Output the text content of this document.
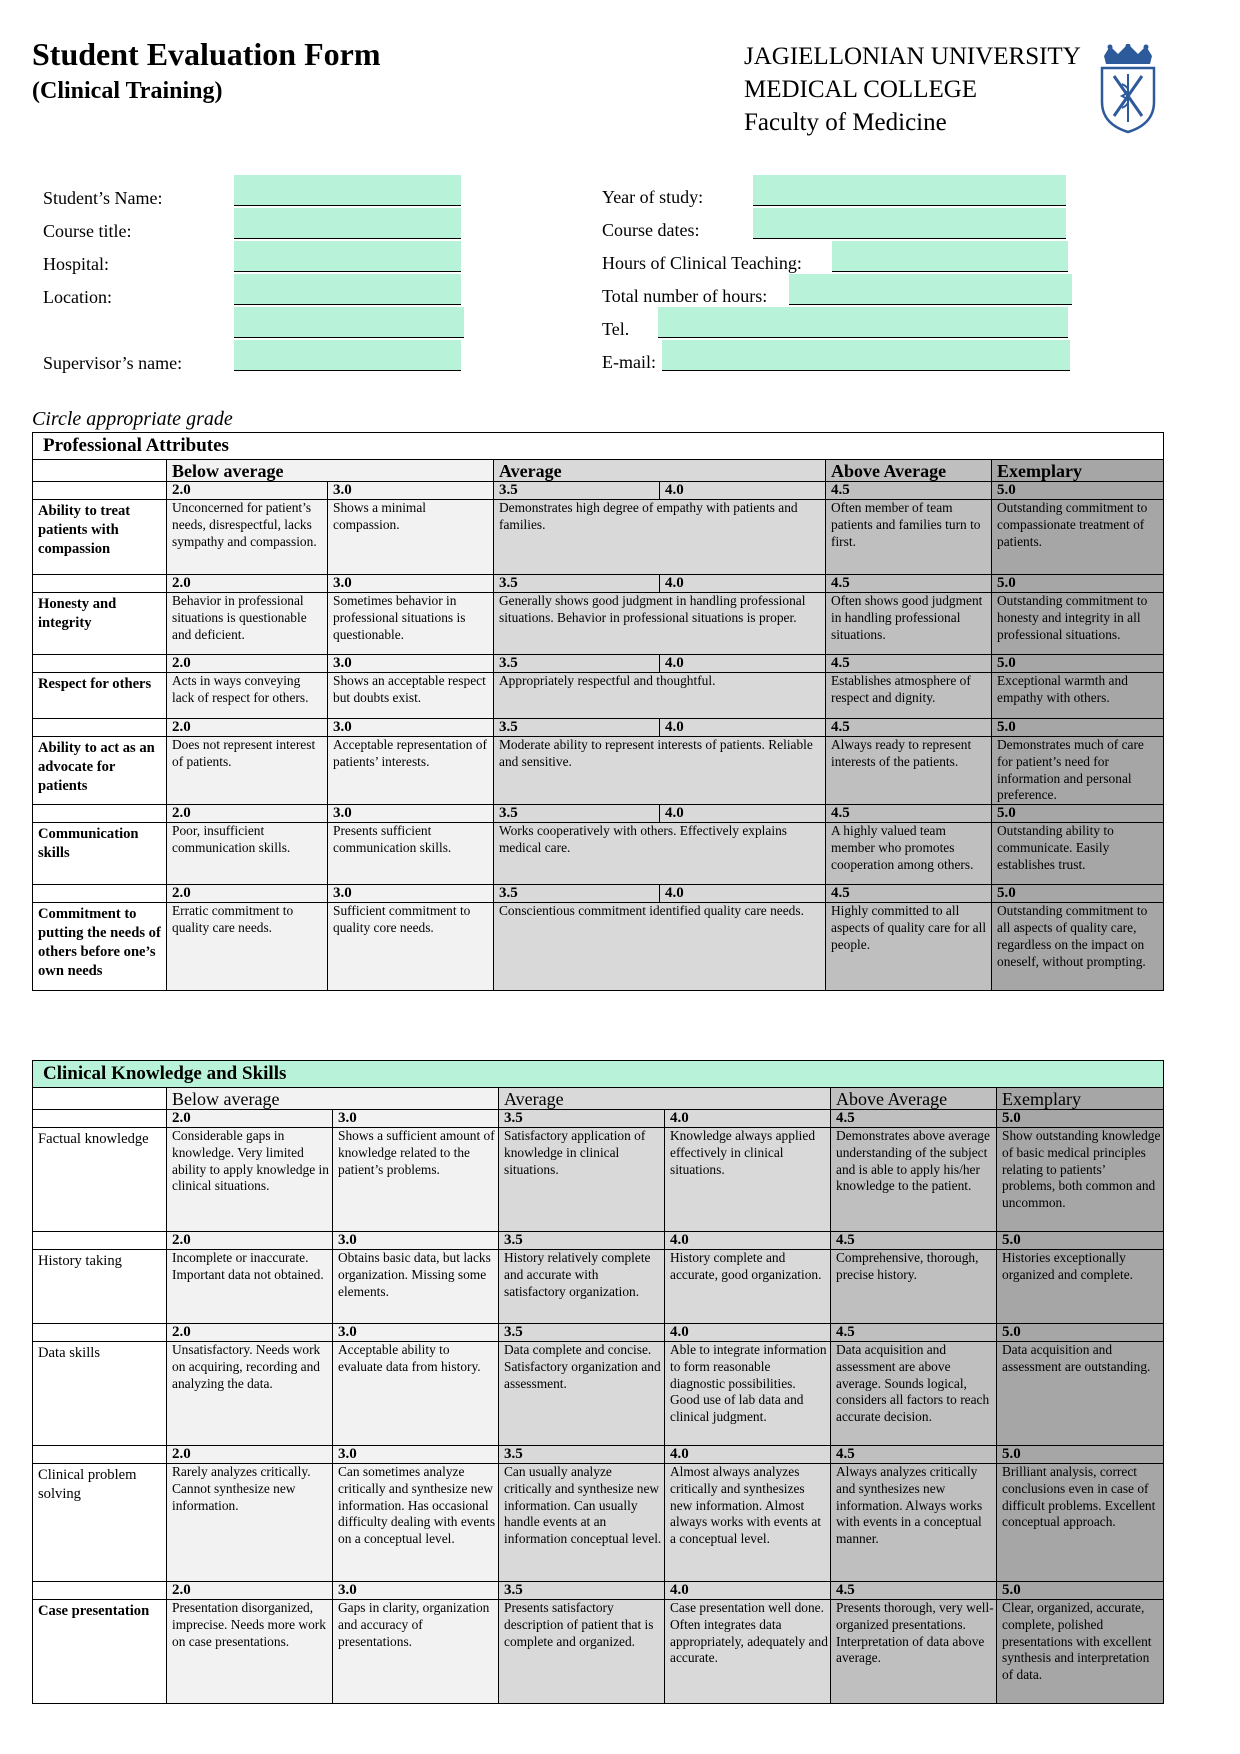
Student Evaluation Form
(Clinical Training)
JAGIELLONIAN UNIVERSITY
MEDICAL COLLEGE
Faculty of Medicine
Student’s Name:
Course title:
Hospital:
Location:
Supervisor’s name:
Year of study:
Course dates:
Hours of Clinical Teaching:
Total number of hours:
Tel.
E-mail:
Circle appropriate grade
Professional Attributes						
	Below average		Average		Above Average	Exemplary
	2.0	3.0	3.5	4.0	4.5	5.0
Ability to treat patients with compassion	Unconcerned for patient’s needs, disrespectful, lacks sympathy and compassion.	Shows a minimal compassion.	Demonstrates high degree of empathy with patients and families.		Often member of team patients and families turn to first.	Outstanding commitment to compassionate treatment of patients.
	2.0	3.0	3.5	4.0	4.5	5.0
Honesty and integrity	Behavior in professional situations is questionable and deficient.	Sometimes behavior in professional situations is questionable.	Generally shows good judgment in handling professional situations. Behavior in professional situations is proper.		Often shows good judgment in handling professional situations.	Outstanding commitment to honesty and integrity in all professional situations.
	2.0	3.0	3.5	4.0	4.5	5.0
Respect for others	Acts in ways conveying lack of respect for others.	Shows an acceptable respect but doubts exist.	Appropriately respectful and thoughtful.		Establishes atmosphere of respect and dignity.	Exceptional warmth and empathy with others.
	2.0	3.0	3.5	4.0	4.5	5.0
Ability to act as an advocate for patients	Does not represent interest of patients.	Acceptable representation of patients’ interests.	Moderate ability to represent interests of patients. Reliable and sensitive.		Always ready to represent interests of the patients.	Demonstrates much of care for patient’s need for information and personal preference.
	2.0	3.0	3.5	4.0	4.5	5.0
Communication skills	Poor, insufficient communication skills.	Presents sufficient communication skills.	Works cooperatively with others. Effectively explains medical care.		A highly valued team member who promotes cooperation among others.	Outstanding ability to communicate. Easily establishes trust.
	2.0	3.0	3.5	4.0	4.5	5.0
Commitment to putting the needs of others before one’s own needs	Erratic commitment to quality care needs.	Sufficient commitment to quality core needs.	Conscientious commitment identified quality care needs.		Highly committed to all aspects of quality care for all people.	Outstanding commitment to all aspects of quality care, regardless on the impact on oneself, without prompting.
Clinical Knowledge and Skills						
	Below average		Average		Above Average	Exemplary
	2.0	3.0	3.5	4.0	4.5	5.0
Factual knowledge	Considerable gaps in knowledge. Very limited ability to apply knowledge in clinical situations.	Shows a sufficient amount of knowledge related to the patient’s problems.	Satisfactory application of knowledge in clinical situations.	Knowledge always applied effectively in clinical situations.	Demonstrates above average understanding of the subject and is able to apply his/her knowledge to the patient.	Show outstanding knowledge of basic medical principles relating to patients’ problems, both common and uncommon.
	2.0	3.0	3.5	4.0	4.5	5.0
History taking	Incomplete or inaccurate. Important data not obtained.	Obtains basic data, but lacks organization. Missing some elements.	History relatively complete and accurate with satisfactory organization.	History complete and accurate, good organization.	Comprehensive, thorough, precise history.	Histories exceptionally organized and complete.
	2.0	3.0	3.5	4.0	4.5	5.0
Data skills	Unsatisfactory. Needs work on acquiring, recording and analyzing the data.	Acceptable ability to evaluate data from history.	Data complete and concise. Satisfactory organization and assessment.	Able to integrate information to form reasonable diagnostic possibilities. Good use of lab data and clinical judgment.	Data acquisition and assessment are above average. Sounds logical, considers all factors to reach accurate decision.	Data acquisition and assessment are outstanding.
	2.0	3.0	3.5	4.0	4.5	5.0
Clinical problem solving	Rarely analyzes critically. Cannot synthesize new information.	Can sometimes analyze critically and synthesize new information. Has occasional difficulty dealing with events on a conceptual level.	Can usually analyze critically and synthesize new information. Can usually handle events at an information conceptual level.	Almost always analyzes critically and synthesizes new information. Almost always works with events at a conceptual level.	Always analyzes critically and synthesizes new information. Always works with events in a conceptual manner.	Brilliant analysis, correct conclusions even in case of difficult problems. Excellent conceptual approach.
	2.0	3.0	3.5	4.0	4.5	5.0
Case presentation	Presentation disorganized, imprecise. Needs more work on case presentations.	Gaps in clarity, organization and accuracy of presentations.	Presents satisfactory description of patient that is complete and organized.	Case presentation well done. Often integrates data appropriately, adequately and accurate.	Presents thorough, very well-organized presentations. Interpretation of data above average.	Clear, organized, accurate, complete, polished presentations with excellent synthesis and interpretation of data.
